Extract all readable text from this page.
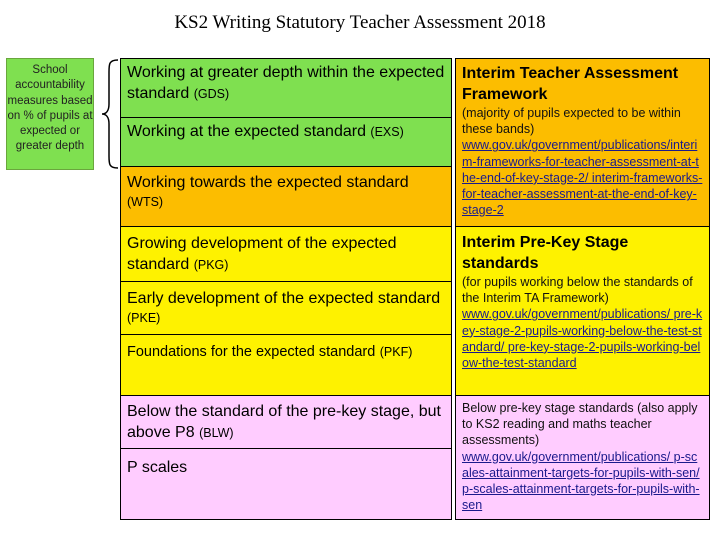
KS2 Writing Statutory Teacher Assessment 2018
School accountability measures based on % of pupils at expected or greater depth
Working at greater depth within the expected standard (GDS)
Working at the expected standard (EXS)
Working towards the expected standard
(WTS)
Growing development of the expected standard (PKG)
Early development of the expected standard (PKE)
Foundations for the expected standard (PKF)
Below the standard of the pre-key stage, but above P8 (BLW)
P scales
Interim Teacher Assessment Framework
(majority of pupils expected to be within these bands)
www.gov.uk/government/publications/interim-frameworks-for-teacher-assessment-at-the-end-of-key-stage-2/ interim-frameworks-for-teacher-assessment-at-the-end-of-key-stage-2
Interim Pre-Key Stage standards
(for pupils working below the standards of the Interim TA Framework)
www.gov.uk/government/publications/ pre-key-stage-2-pupils-working-below-the-test-standard/ pre-key-stage-2-pupils-working-below-the-test-standard
Below pre-key stage standards (also apply to KS2 reading and maths teacher assessments)
www.gov.uk/government/publications/ p-scales-attainment-targets-for-pupils-with-sen/ p-scales-attainment-targets-for-pupils-with-sen
